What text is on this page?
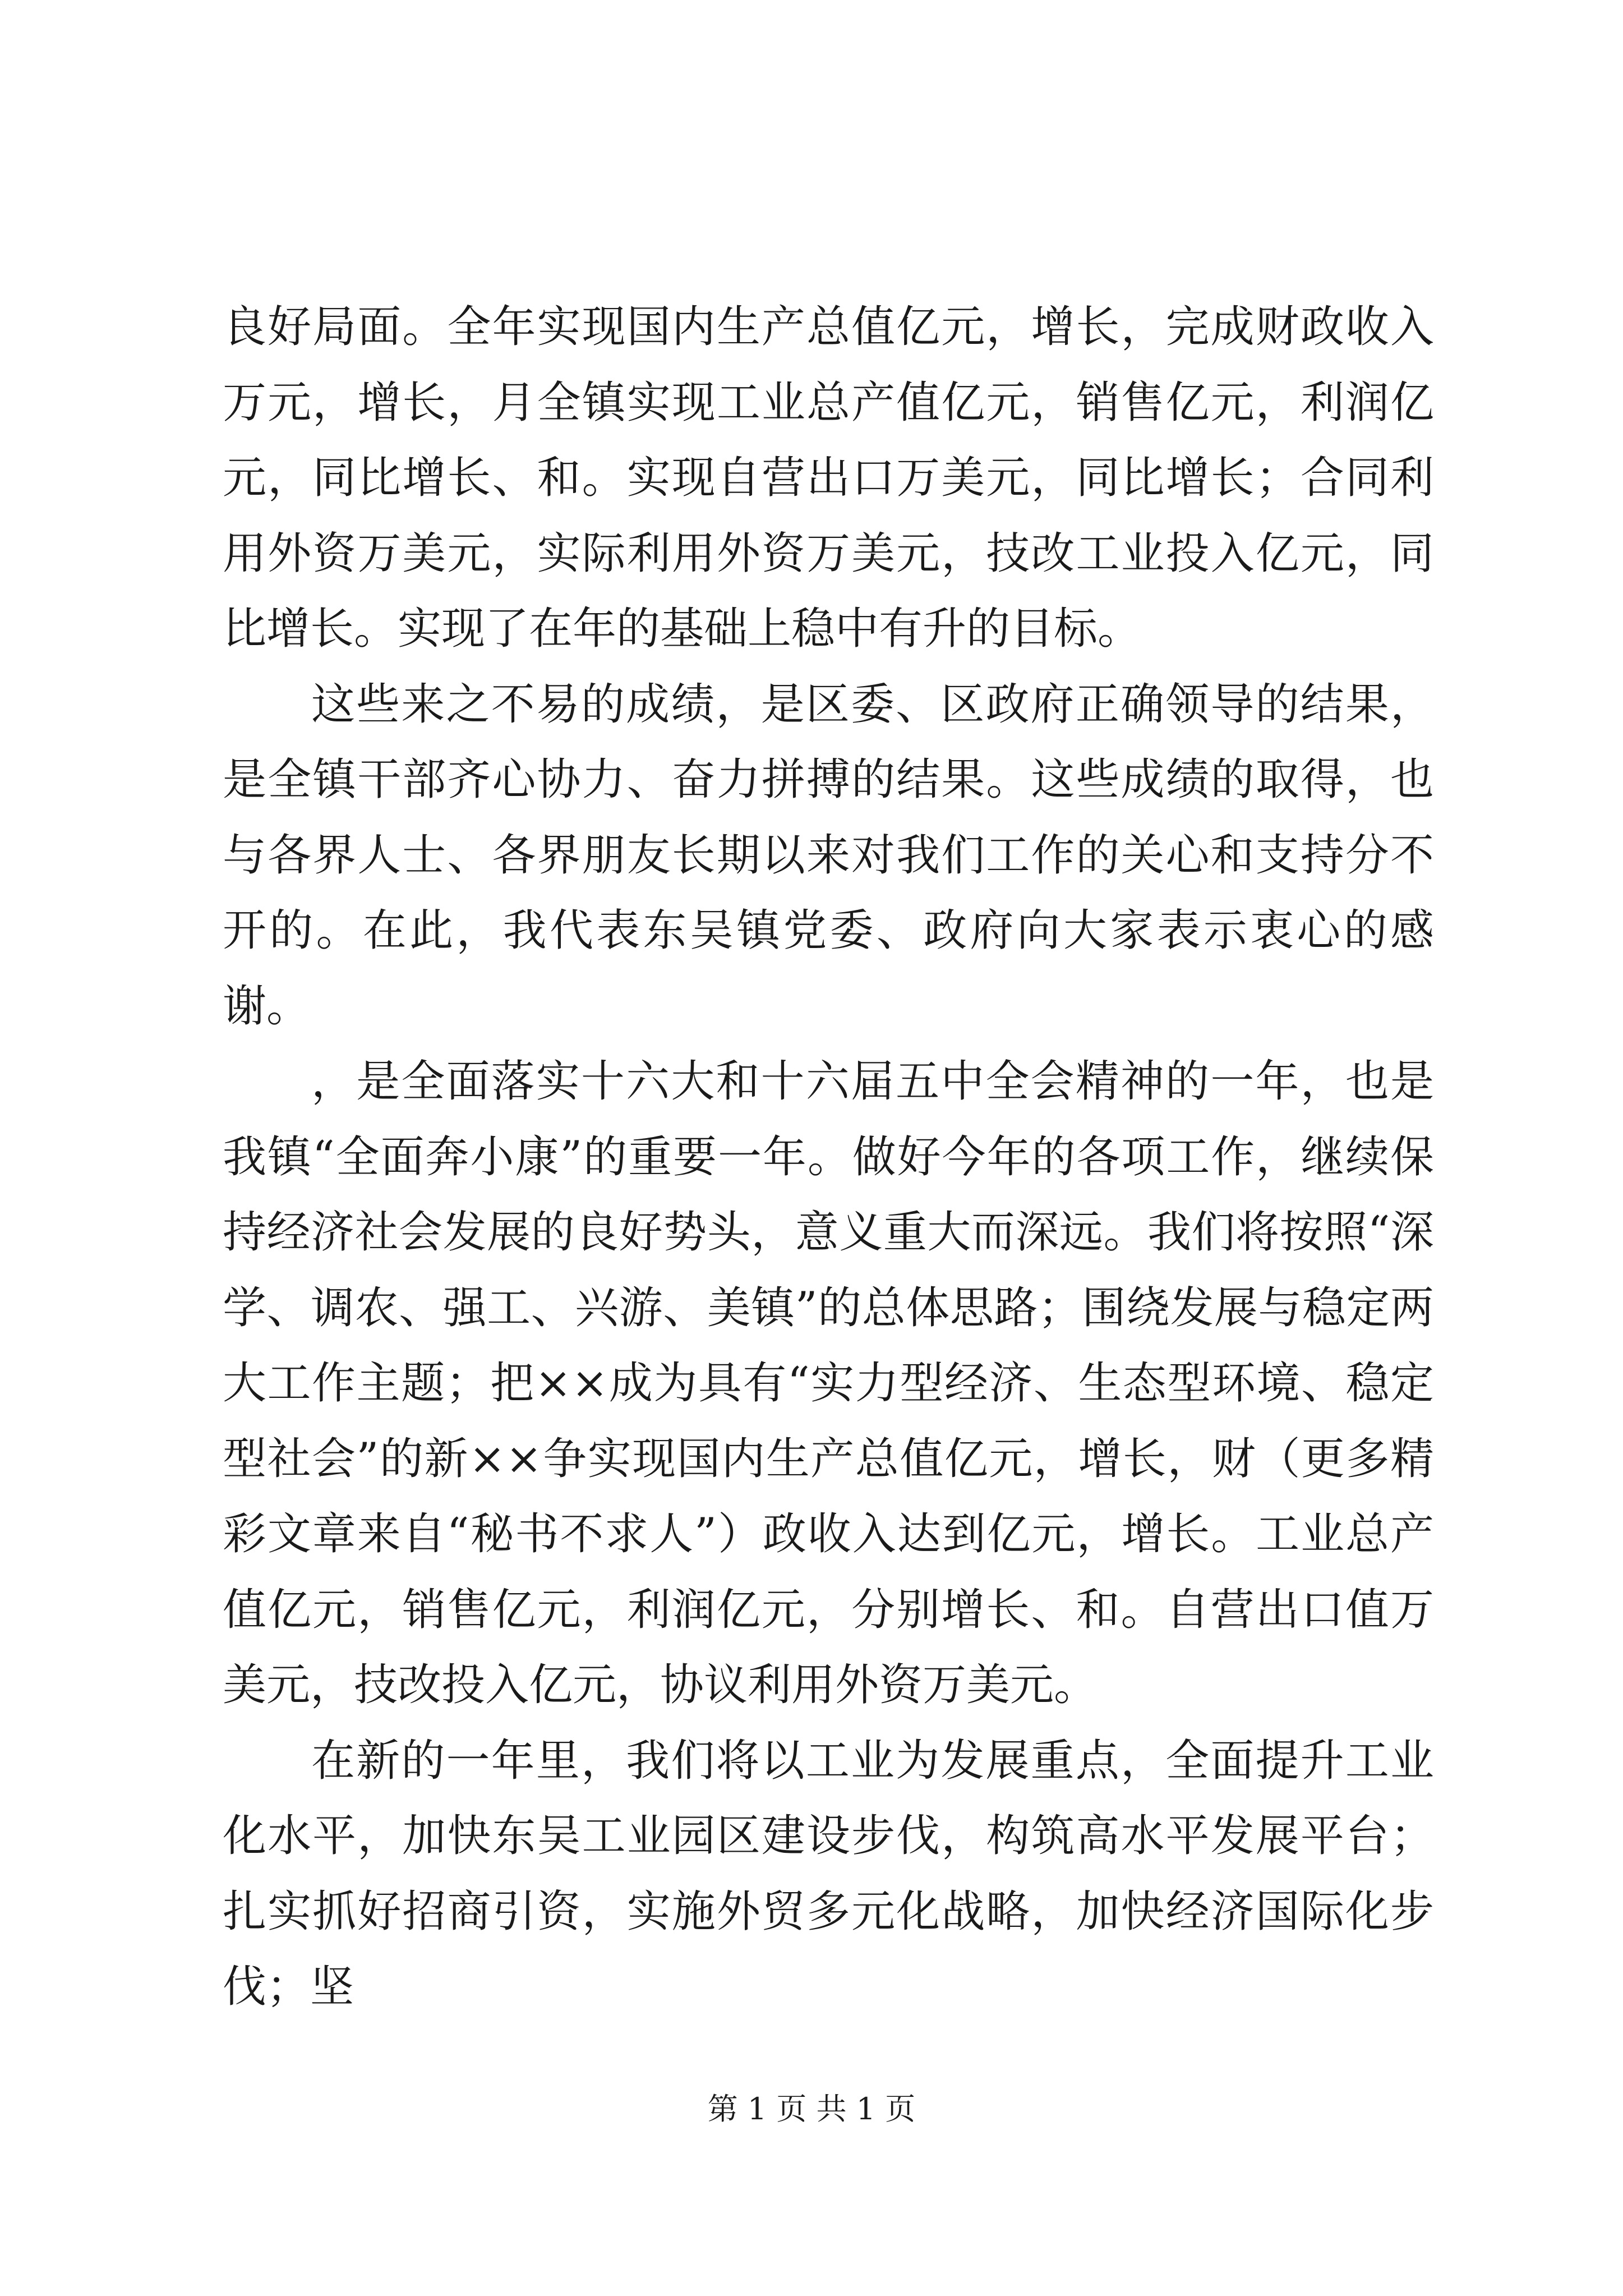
良好局面。全年实现国内生产总值亿元，增长，完成财政收入万元，增长，月全镇实现工业总产值亿元，销售亿元，利润亿元，同比增长、和。实现自营出口万美元，同比增长；合同利用外资万美元，实际利用外资万美元，技改工业投入亿元，同比增长。实现了在年的基础上稳中有升的目标。

这些来之不易的成绩，是区委、区政府正确领导的结果，是全镇干部齐心协力、奋力拼搏的结果。这些成绩的取得，也与各界人士、各界朋友长期以来对我们工作的关心和支持分不开的。在此，我代表东吴镇党委、政府向大家表示衷心的感谢。

，是全面落实十六大和十六届五中全会精神的一年，也是我镇“全面奔小康”的重要一年。做好今年的各项工作，继续保持经济社会发展的良好势头，意义重大而深远。我们将按照“深学、调农、强工、兴游、美镇”的总体思路；围绕发展与稳定两大工作主题；把××成为具有“实力型经济、生态型环境、稳定型社会”的新××争实现国内生产总值亿元，增长，财（更多精彩文章来自“秘书不求人”）政收入达到亿元，增长。工业总产值亿元，销售亿元，利润亿元，分别增长、和。自营出口值万美元，技改投入亿元，协议利用外资万美元。

在新的一年里，我们将以工业为发展重点，全面提升工业化水平，加快东吴工业园区建设步伐，构筑高水平发展平台；扎实抓好招商引资，实施外贸多元化战略，加快经济国际化步伐；坚

第 1 页 共 1 页
